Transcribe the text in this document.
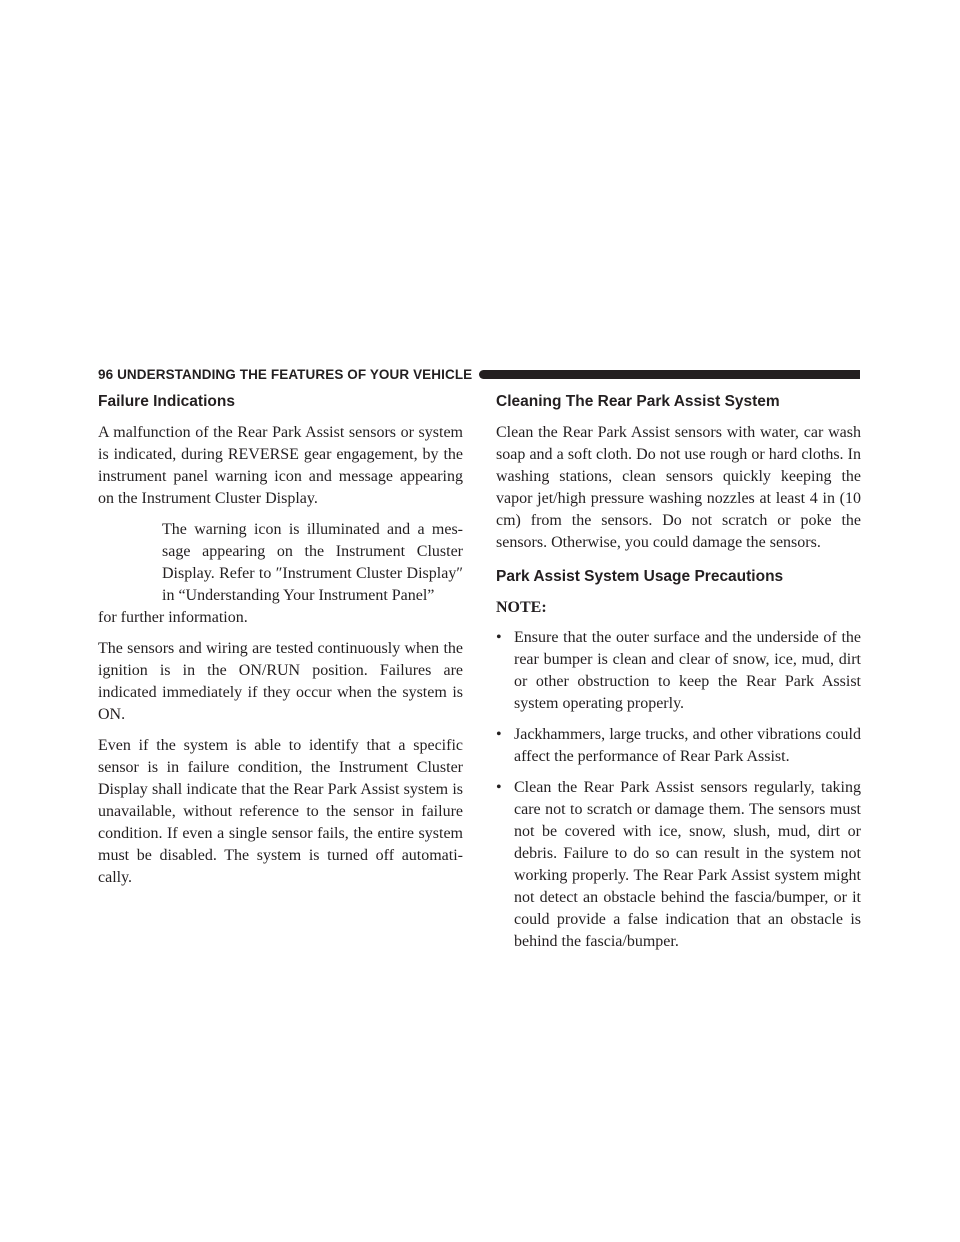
96 UNDERSTANDING THE FEATURES OF YOUR VEHICLE
Failure Indications

A malfunction of the Rear Park Assist sensors or system is indicated, during REVERSE gear engagement, by the instrument panel warning icon and message appearing on the Instrument Cluster Display.

The warning icon is illuminated and a mes-sage appearing on the Instrument Cluster Display. Refer to ″Instrument Cluster Display″ in “Understanding Your Instrument Panel”
for further information.

The sensors and wiring are tested continuously when the ignition is in the ON/RUN position. Failures are indicated immediately if they occur when the system is ON.

Even if the system is able to identify that a specific sensor is in failure condition, the Instrument Cluster Display shall indicate that the Rear Park Assist system is unavailable, without reference to the sensor in failure condition. If even a single sensor fails, the entire system must be disabled. The system is turned off automati-cally.

Cleaning The Rear Park Assist System

Clean the Rear Park Assist sensors with water, car wash soap and a soft cloth. Do not use rough or hard cloths. In washing stations, clean sensors quickly keeping the vapor jet/high pressure washing nozzles at least 4 in (10 cm) from the sensors. Do not scratch or poke the sensors. Otherwise, you could damage the sensors.

Park Assist System Usage Precautions
NOTE:
• Ensure that the outer surface and the underside of the rear bumper is clean and clear of snow, ice, mud, dirt or other obstruction to keep the Rear Park Assist system operating properly.
• Jackhammers, large trucks, and other vibrations could affect the performance of Rear Park Assist.
• Clean the Rear Park Assist sensors regularly, taking care not to scratch or damage them. The sensors must not be covered with ice, snow, slush, mud, dirt or debris. Failure to do so can result in the system not working properly. The Rear Park Assist system might not detect an obstacle behind the fascia/bumper, or it could provide a false indication that an obstacle is behind the fascia/bumper.
